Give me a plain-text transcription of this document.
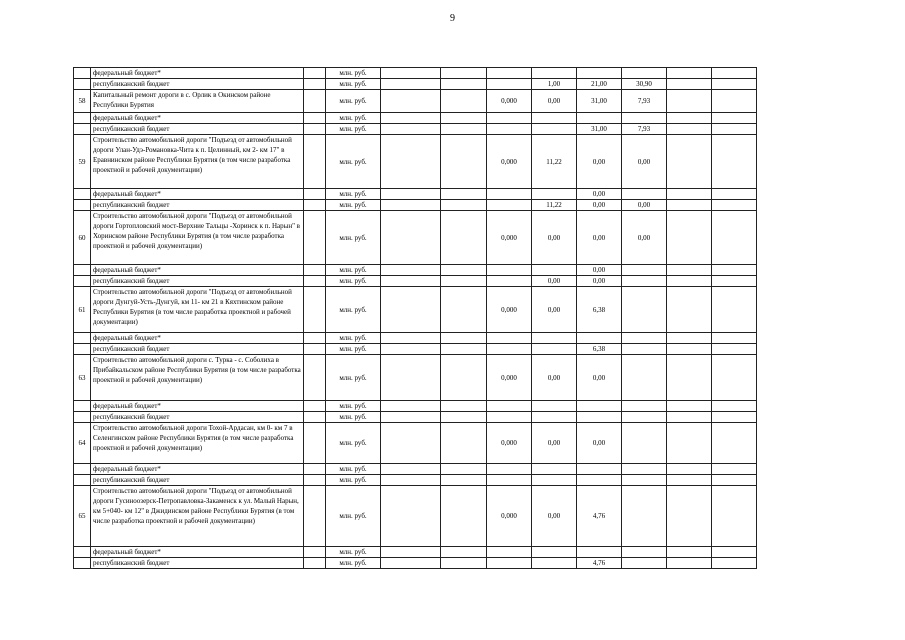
9
	федеральный бюджет*		млн. руб.								
	республиканский бюджет		млн. руб.				1,00	21,00	30,90		
58	Капитальный ремонт дороги в с. Орлик в Окинском районе Республики Бурятия		млн. руб.			0,000	0,00	31,00	7,93		
	федеральный бюджет*		млн. руб.								
	республиканский бюджет		млн. руб.					31,00	7,93		
59	Строительство автомобильной дороги "Подъезд от автомобильной дороги Улан-Удэ-Романовка-Чита к п. Целинный, км 2- км 17" в Еравнинском районе Республики Бурятия (в том числе разработка проектной и рабочей документации)		млн. руб.			0,000	11,22	0,00	0,00		
	федеральный бюджет*		млн. руб.					0,00			
	республиканский бюджет		млн. руб.				11,22	0,00	0,00		
60	Строительство автомобильной дороги "Подъезд от автомобильной дороги Гортопловский мост-Верхние Тальцы -Хоринск к п. Нарын" в Хоринском районе Республики Бурятия (в том числе разработка проектной и рабочей документации)		млн. руб.			0,000	0,00	0,00	0,00		
	федеральный бюджет*		млн. руб.					0,00			
	республиканский бюджет		млн. руб.				0,00	0,00			
61	Строительство автомобильной дороги "Подъезд от автомобильной дороги Дунгуй-Усть-Дунгуй, км 11- км 21 в Кяхтинском районе Республики Бурятия (в том числе разработка проектной и рабочей документации)		млн. руб.			0,000	0,00	6,38			
	федеральный бюджет*		млн. руб.								
	республиканский бюджет		млн. руб.					6,38			
63	Строительство автомобильной дороги с. Турка - с. Соболиха в Прибайкальском районе Республики Бурятия (в том числе разработка проектной и рабочей документации)		млн. руб.			0,000	0,00	0,00			
	федеральный бюджет*		млн. руб.								
	республиканский бюджет		млн. руб.								
64	Строительство автомобильной дороги Тохой-Ардасан, км 0- км 7 в Селенгинском районе Республики Бурятия (в том числе разработка проектной и рабочей документации)		млн. руб.			0,000	0,00	0,00			
	федеральный бюджет*		млн. руб.								
	республиканский бюджет		млн. руб.								
65	Строительство автомобильной дороги "Подъезд от автомобильной дороги Гусиноозерск-Петропавловка-Закаменск к ул. Малый Нарын, км 5+040- км 12" в Джидинском районе Республики Бурятия (в том числе разработка проектной и рабочей документации)		млн. руб.			0,000	0,00	4,76			
	федеральный бюджет*		млн. руб.								
	республиканский бюджет		млн. руб.					4,76			
